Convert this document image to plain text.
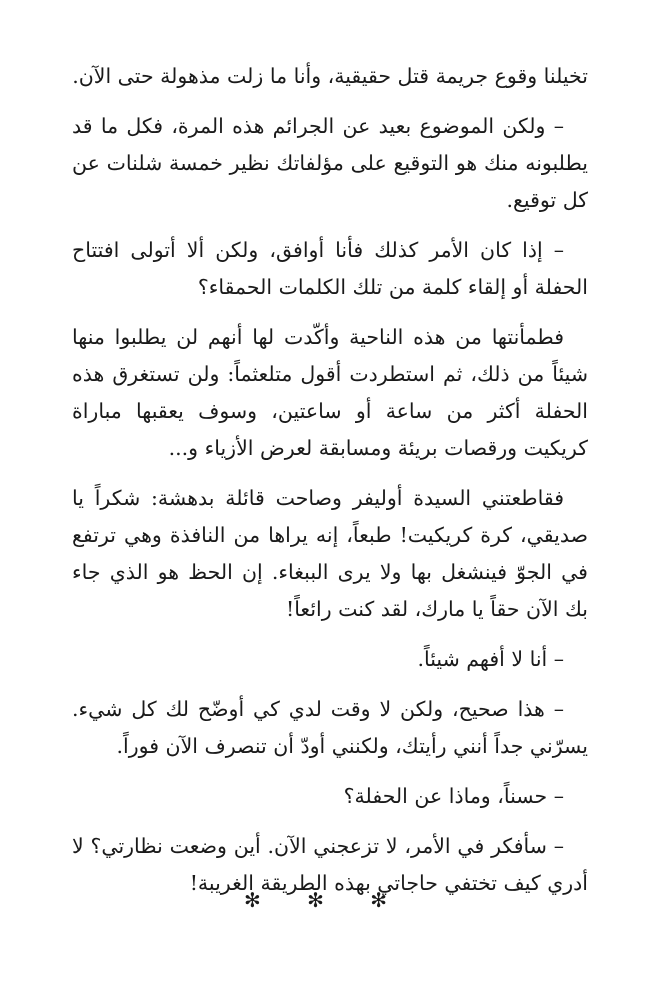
تخيلنا وقوع جريمة قتل حقيقية، وأنا ما زلت مذهولة حتى الآن.

– ولكن الموضوع بعيد عن الجرائم هذه المرة، فكل ما قد يطلبونه منك هو التوقيع على مؤلفاتك نظير خمسة شلنات عن كل توقيع.

– إذا كان الأمر كذلك فأنا أوافق، ولكن ألا أتولى افتتاح الحفلة أو إلقاء كلمة من تلك الكلمات الحمقاء؟

فطمأنتها من هذه الناحية وأكّدت لها أنهم لن يطلبوا منها شيئاً من ذلك، ثم استطردت أقول متلعثماً: ولن تستغرق هذه الحفلة أكثر من ساعة أو ساعتين، وسوف يعقبها مباراة كريكيت ورقصات بريئة ومسابقة لعرض الأزياء و...

فقاطعتني السيدة أوليفر وصاحت قائلة بدهشة: شكراً يا صديقي، كرة كريكيت! طبعاً، إنه يراها من النافذة وهي ترتفع في الجوّ فينشغل بها ولا يرى الببغاء. إن الحظ هو الذي جاء بك الآن حقاً يا مارك، لقد كنت رائعاً!

– أنا لا أفهم شيئاً.

– هذا صحيح، ولكن لا وقت لدي كي أوضّح لك كل شيء. يسرّني جداً أنني رأيتك، ولكنني أودّ أن تنصرف الآن فوراً.

– حسناً، وماذا عن الحفلة؟

– سأفكر في الأمر، لا تزعجني الآن. أين وضعت نظارتي؟ لا أدري كيف تختفي حاجاتي بهذه الطريقة الغريبة!

✻ ✻ ✻
